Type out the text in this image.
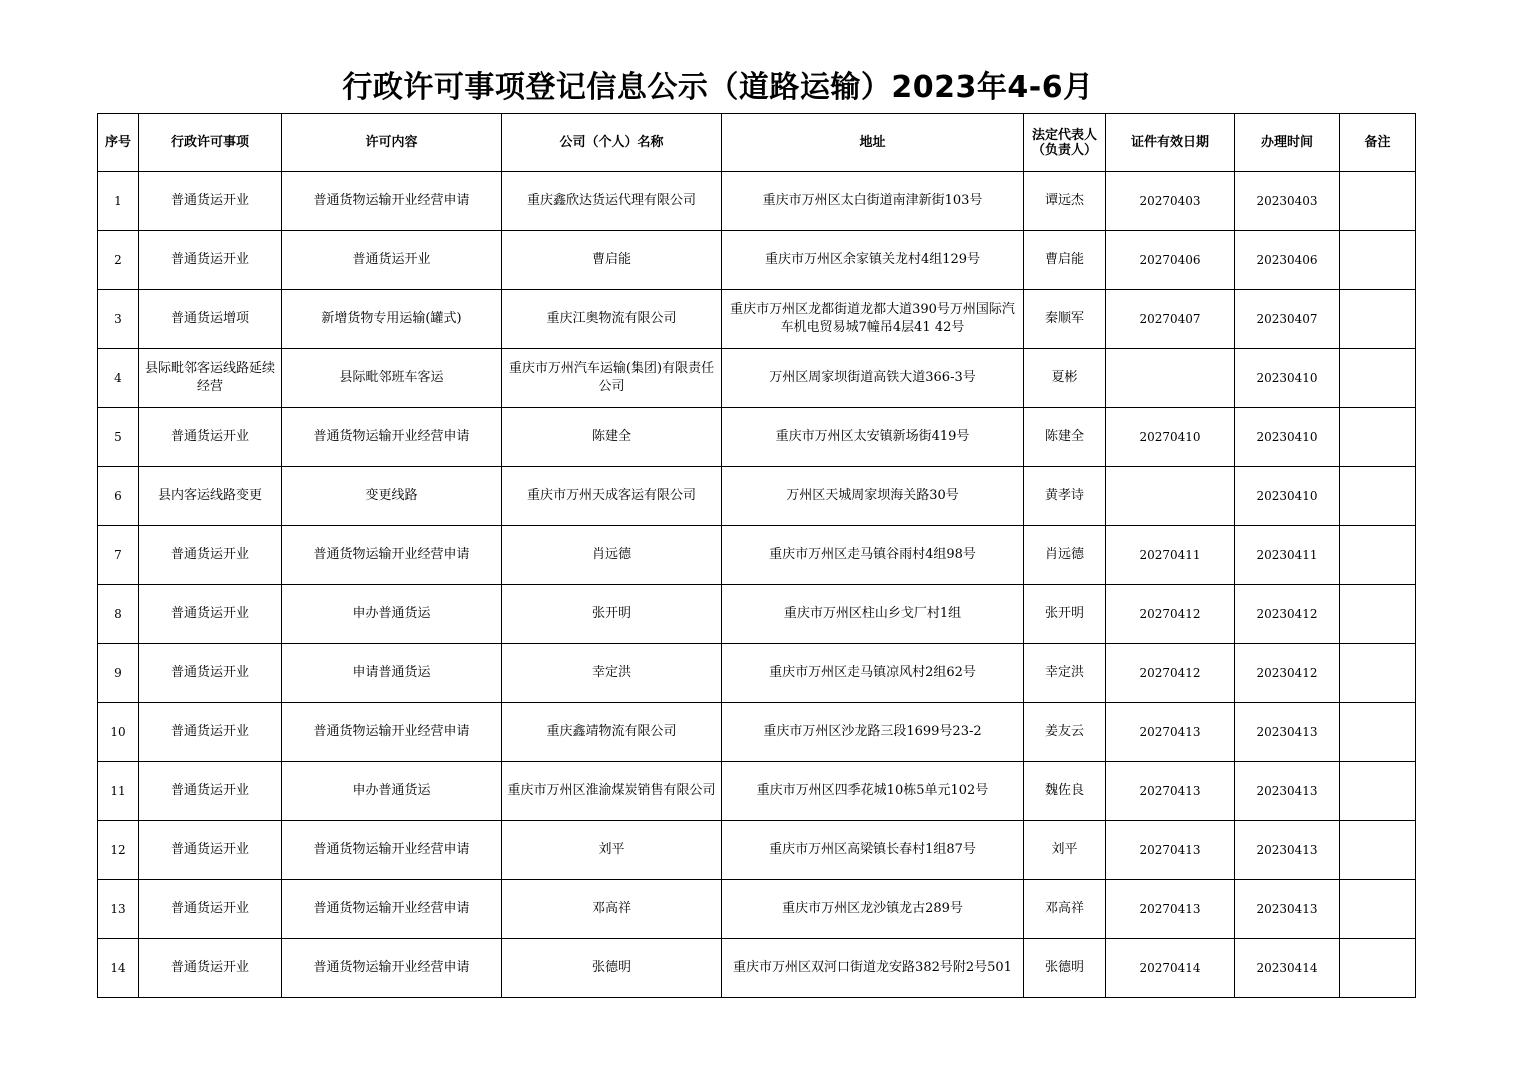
行政许可事项登记信息公示（道路运输）2023年4-6月
序号	行政许可事项	许可内容	公司（个人）名称	地址	法定代表人（负责人）	证件有效日期	办理时间	备注
1	普通货运开业	普通货物运输开业经营申请	重庆鑫欣达货运代理有限公司	重庆市万州区太白街道南津新街103号	谭远杰	20270403	20230403	
2	普通货运开业	普通货运开业	曹启能	重庆市万州区余家镇关龙村4组129号	曹启能	20270406	20230406	
3	普通货运增项	新增货物专用运输(罐式)	重庆江奥物流有限公司	重庆市万州区龙都街道龙都大道390号万州国际汽车机电贸易城7幢吊4层41 42号	秦顺军	20270407	20230407	
4	县际毗邻客运线路延续经营	县际毗邻班车客运	重庆市万州汽车运输(集团)有限责任公司	万州区周家坝街道高铁大道366-3号	夏彬		20230410	
5	普通货运开业	普通货物运输开业经营申请	陈建全	重庆市万州区太安镇新场街419号	陈建全	20270410	20230410	
6	县内客运线路变更	变更线路	重庆市万州天成客运有限公司	万州区天城周家坝海关路30号	黄孝诗		20230410	
7	普通货运开业	普通货物运输开业经营申请	肖远德	重庆市万州区走马镇谷雨村4组98号	肖远德	20270411	20230411	
8	普通货运开业	申办普通货运	张开明	重庆市万州区柱山乡戈厂村1组	张开明	20270412	20230412	
9	普通货运开业	申请普通货运	幸定洪	重庆市万州区走马镇凉风村2组62号	幸定洪	20270412	20230412	
10	普通货运开业	普通货物运输开业经营申请	重庆鑫靖物流有限公司	重庆市万州区沙龙路三段1699号23-2	姜友云	20270413	20230413	
11	普通货运开业	申办普通货运	重庆市万州区淮渝煤炭销售有限公司	重庆市万州区四季花城10栋5单元102号	魏佐良	20270413	20230413	
12	普通货运开业	普通货物运输开业经营申请	刘平	重庆市万州区高梁镇长春村1组87号	刘平	20270413	20230413	
13	普通货运开业	普通货物运输开业经营申请	邓高祥	重庆市万州区龙沙镇龙古289号	邓高祥	20270413	20230413	
14	普通货运开业	普通货物运输开业经营申请	张德明	重庆市万州区双河口街道龙安路382号附2号501	张德明	20270414	20230414	
